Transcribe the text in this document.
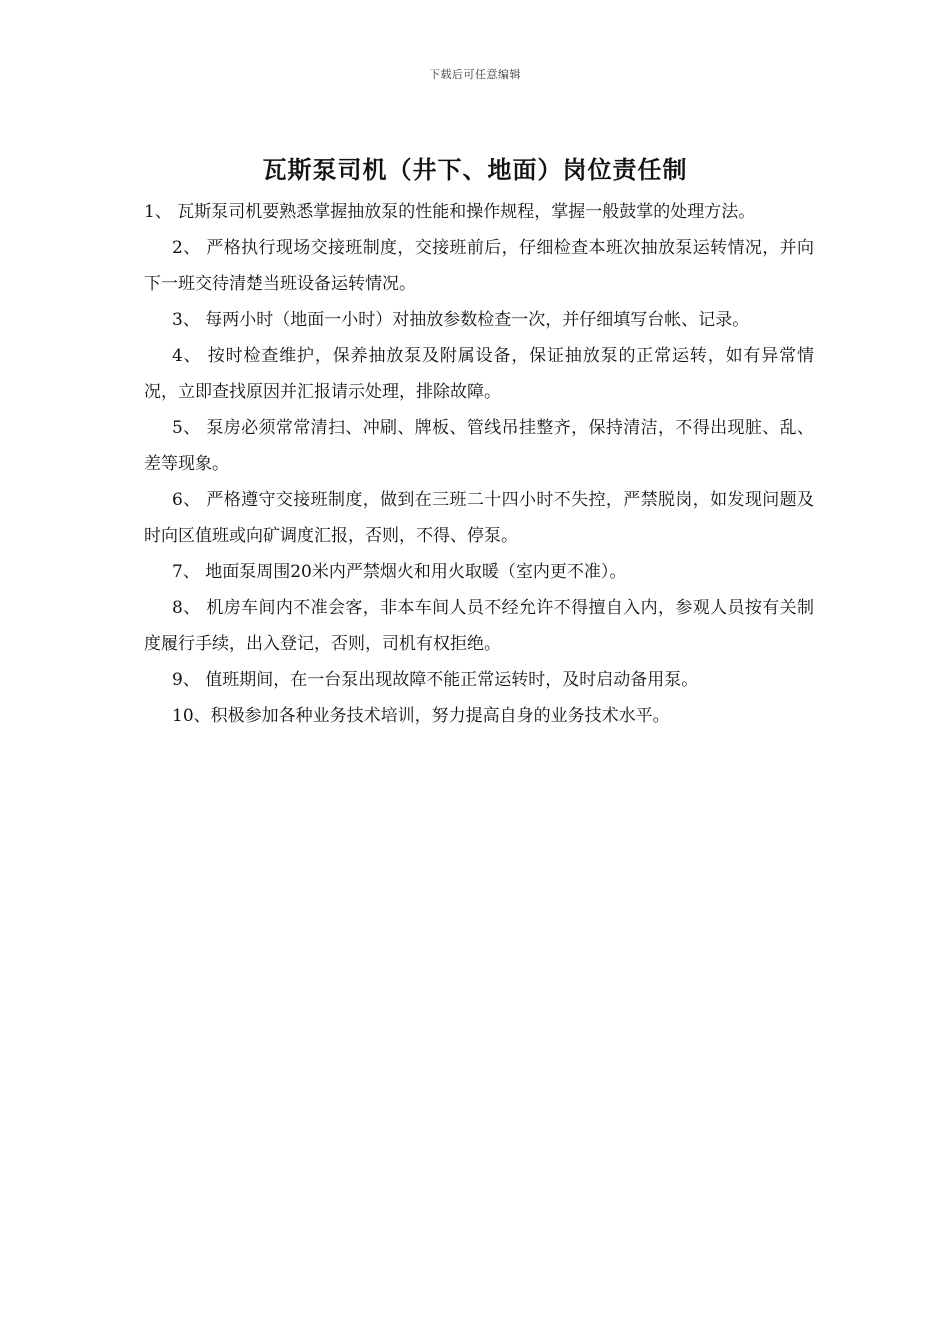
下载后可任意编辑
瓦斯泵司机（井下、地面）岗位责任制

1、 瓦斯泵司机要熟悉掌握抽放泵的性能和操作规程，掌握一般鼓掌的处理方法。

2、 严格执行现场交接班制度，交接班前后，仔细检查本班次抽放泵运转情况，并向下一班交待清楚当班设备运转情况。

3、 每两小时（地面一小时）对抽放参数检查一次，并仔细填写台帐、记录。

4、 按时检查维护，保养抽放泵及附属设备，保证抽放泵的正常运转，如有异常情况，立即查找原因并汇报请示处理，排除故障。

5、 泵房必须常常清扫、冲刷、牌板、管线吊挂整齐，保持清洁，不得出现脏、乱、差等现象。

6、 严格遵守交接班制度，做到在三班二十四小时不失控，严禁脱岗，如发现问题及时向区值班或向矿调度汇报，否则，不得、停泵。

7、 地面泵周围20米内严禁烟火和用火取暖（室内更不准）。

8、 机房车间内不准会客，非本车间人员不经允许不得擅自入内，参观人员按有关制度履行手续，出入登记，否则，司机有权拒绝。

9、 值班期间，在一台泵出现故障不能正常运转时，及时启动备用泵。

10、积极参加各种业务技术培训，努力提高自身的业务技术水平。
